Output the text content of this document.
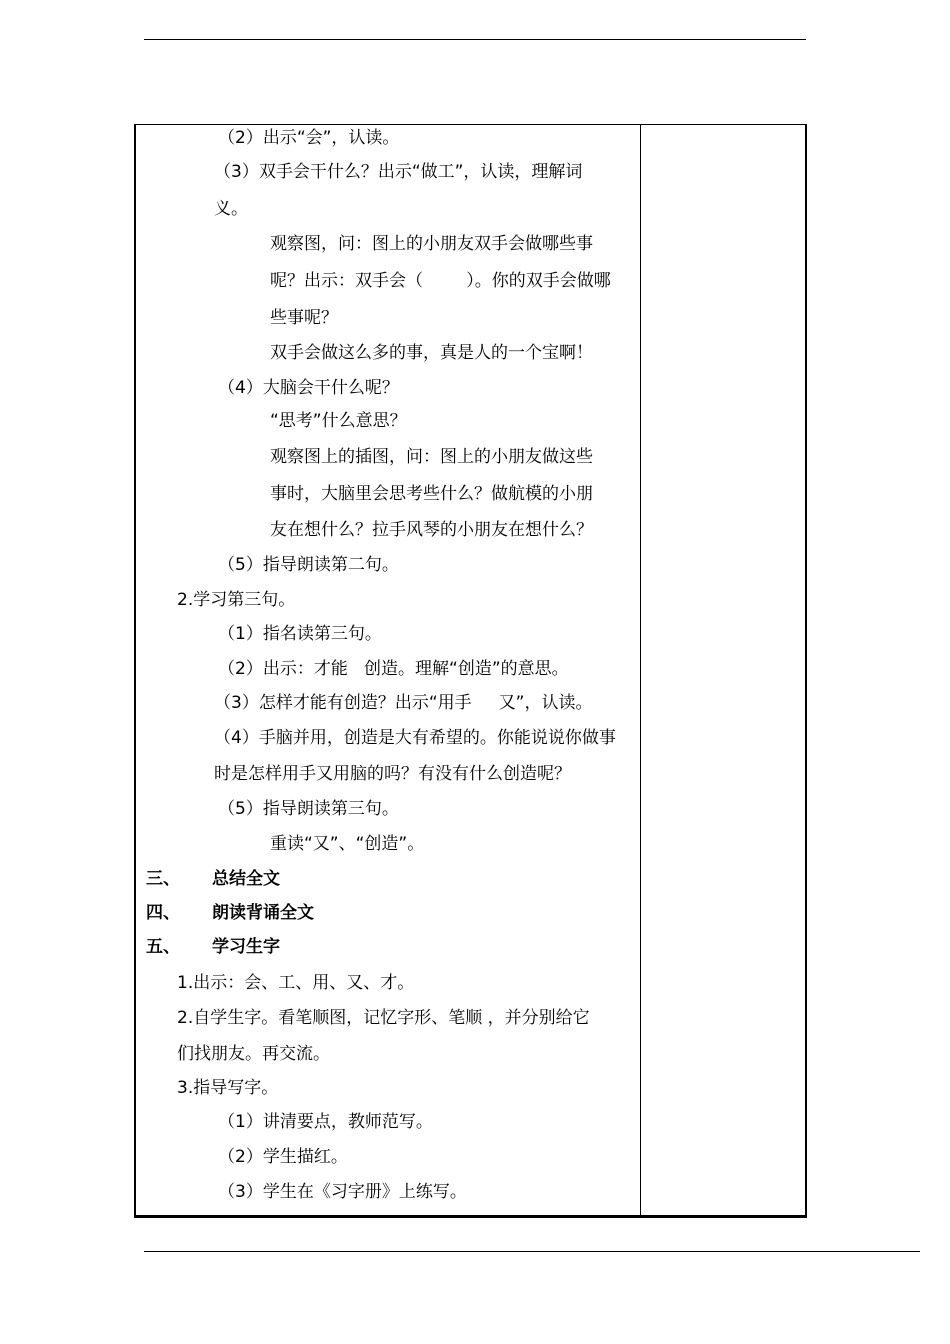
（2）出示“会”，认读。
（3）双手会干什么？出示“做工”，认读，理解词
义。
观察图，问：图上的小朋友双手会做哪些事
呢？出示：双手会（        ）。你的双手会做哪
些事呢？
双手会做这么多的事，真是人的一个宝啊！
（4）大脑会干什么呢？
“思考”什么意思？
观察图上的插图，问：图上的小朋友做这些
事时，大脑里会思考些什么？做航模的小朋
友在想什么？拉手风琴的小朋友在想什么？
（5）指导朗读第二句。
2.学习第三句。
（1）指名读第三句。
（2）出示：才能   创造。理解“创造”的意思。
（3）怎样才能有创造？出示“用手     又”，认读。
（4）手脑并用，创造是大有希望的。你能说说你做事
时是怎样用手又用脑的吗？有没有什么创造呢？
（5）指导朗读第三句。
重读“又”、“创造”。
三、 总结全文
四、 朗读背诵全文
五、 学习生字
1.出示：会、工、用、又、才。
2.自学生字。看笔顺图，记忆字形、笔顺 ，并分别给它
们找朋友。再交流。
3.指导写字。
（1）讲清要点，教师范写。
（2）学生描红。
（3）学生在《习字册》上练写。
